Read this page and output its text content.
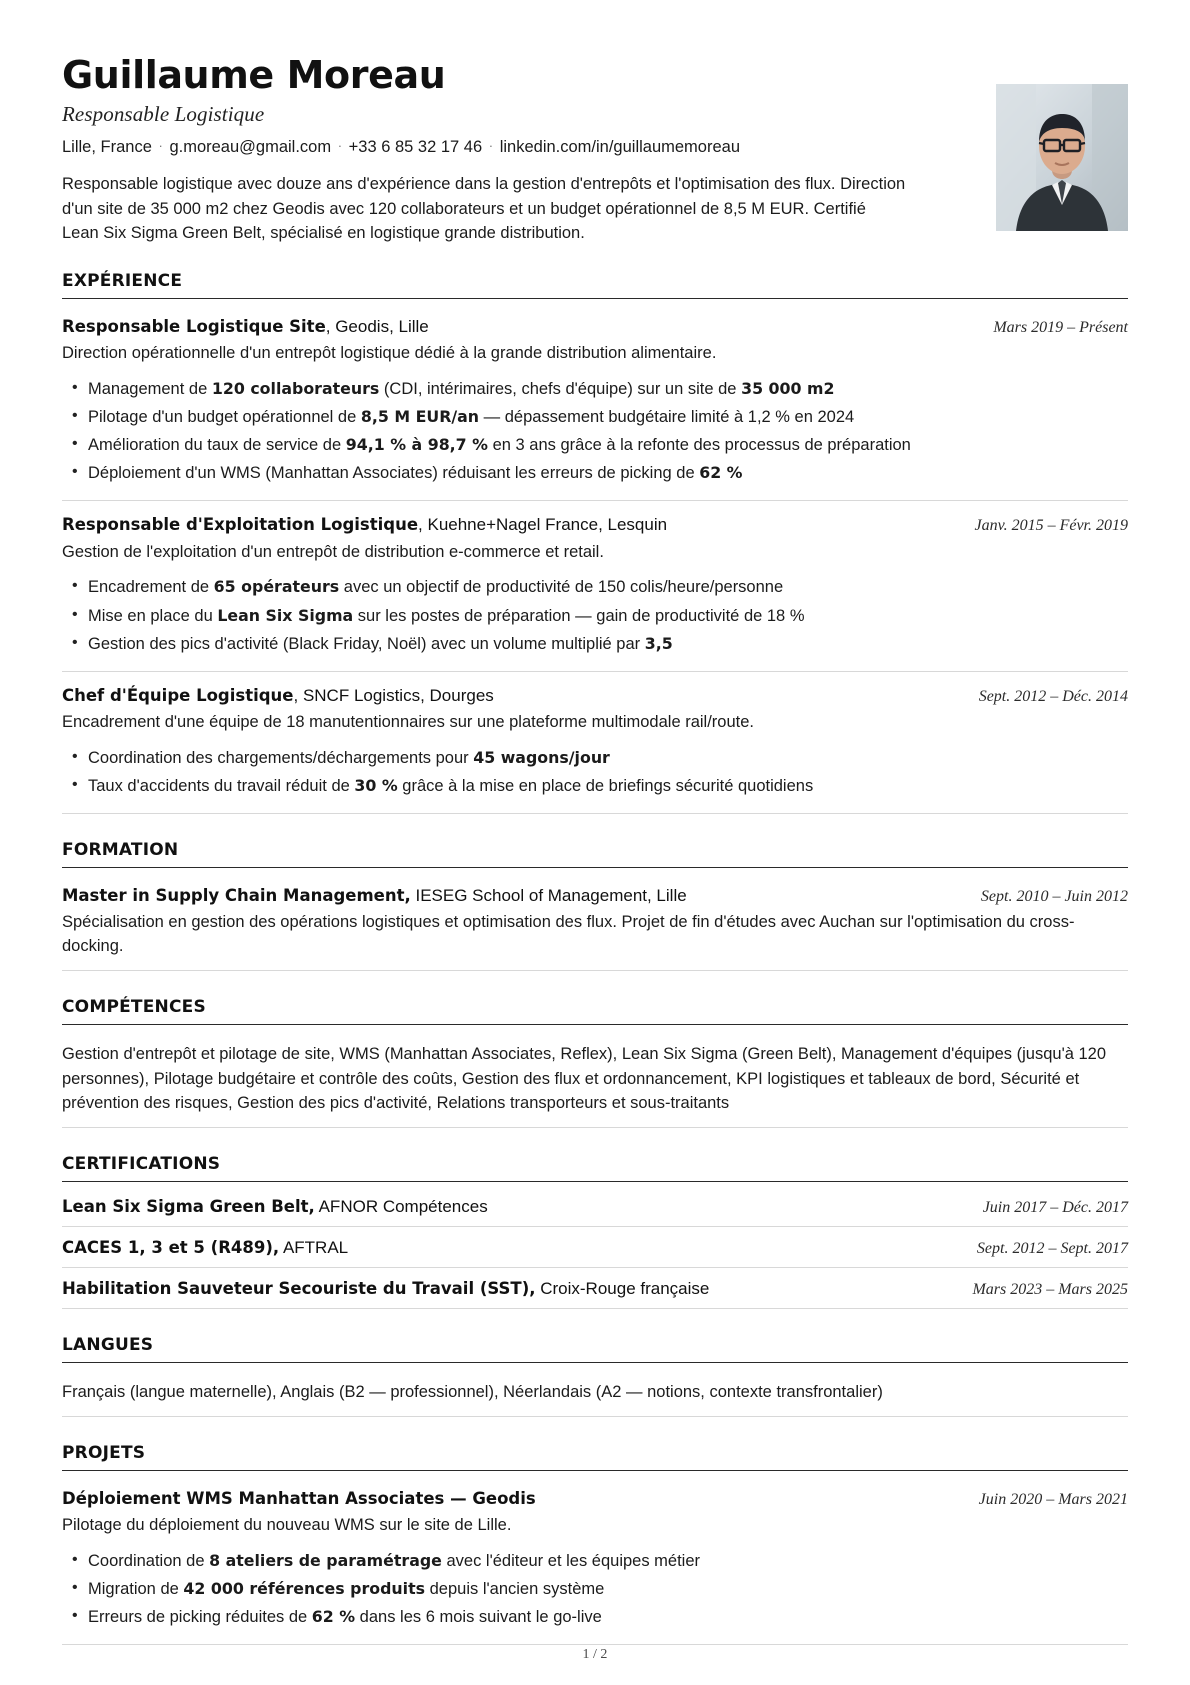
Guillaume Moreau
Responsable Logistique
Lille, France · g.moreau@gmail.com · +33 6 85 32 17 46 · linkedin.com/in/guillaumemoreau
Responsable logistique avec douze ans d'expérience dans la gestion d'entrepôts et l'optimisation des flux. Direction d'un site de 35 000 m2 chez Geodis avec 120 collaborateurs et un budget opérationnel de 8,5 M EUR. Certifié Lean Six Sigma Green Belt, spécialisé en logistique grande distribution.
EXPÉRIENCE
Responsable Logistique Site, Geodis, Lille	Mars 2019 – Présent
Direction opérationnelle d'un entrepôt logistique dédié à la grande distribution alimentaire.
• Management de 120 collaborateurs (CDI, intérimaires, chefs d'équipe) sur un site de 35 000 m2
• Pilotage d'un budget opérationnel de 8,5 M EUR/an — dépassement budgétaire limité à 1,2 % en 2024
• Amélioration du taux de service de 94,1 % à 98,7 % en 3 ans grâce à la refonte des processus de préparation
• Déploiement d'un WMS (Manhattan Associates) réduisant les erreurs de picking de 62 %
Responsable d'Exploitation Logistique, Kuehne+Nagel France, Lesquin	Janv. 2015 – Févr. 2019
Gestion de l'exploitation d'un entrepôt de distribution e-commerce et retail.
• Encadrement de 65 opérateurs avec un objectif de productivité de 150 colis/heure/personne
• Mise en place du Lean Six Sigma sur les postes de préparation — gain de productivité de 18 %
• Gestion des pics d'activité (Black Friday, Noël) avec un volume multiplié par 3,5
Chef d'Équipe Logistique, SNCF Logistics, Dourges	Sept. 2012 – Déc. 2014
Encadrement d'une équipe de 18 manutentionnaires sur une plateforme multimodale rail/route.
• Coordination des chargements/déchargements pour 45 wagons/jour
• Taux d'accidents du travail réduit de 30 % grâce à la mise en place de briefings sécurité quotidiens
FORMATION
Master in Supply Chain Management, IESEG School of Management, Lille	Sept. 2010 – Juin 2012
Spécialisation en gestion des opérations logistiques et optimisation des flux. Projet de fin d'études avec Auchan sur l'optimisation du cross-docking.
COMPÉTENCES
Gestion d'entrepôt et pilotage de site, WMS (Manhattan Associates, Reflex), Lean Six Sigma (Green Belt), Management d'équipes (jusqu'à 120 personnes), Pilotage budgétaire et contrôle des coûts, Gestion des flux et ordonnancement, KPI logistiques et tableaux de bord, Sécurité et prévention des risques, Gestion des pics d'activité, Relations transporteurs et sous-traitants
CERTIFICATIONS
Lean Six Sigma Green Belt, AFNOR Compétences	Juin 2017 – Déc. 2017
CACES 1, 3 et 5 (R489), AFTRAL	Sept. 2012 – Sept. 2017
Habilitation Sauveteur Secouriste du Travail (SST), Croix-Rouge française	Mars 2023 – Mars 2025
LANGUES
Français (langue maternelle), Anglais (B2 — professionnel), Néerlandais (A2 — notions, contexte transfrontalier)
PROJETS
Déploiement WMS Manhattan Associates — Geodis	Juin 2020 – Mars 2021
Pilotage du déploiement du nouveau WMS sur le site de Lille.
• Coordination de 8 ateliers de paramétrage avec l'éditeur et les équipes métier
• Migration de 42 000 références produits depuis l'ancien système
• Erreurs de picking réduites de 62 % dans les 6 mois suivant le go-live
1 / 2
